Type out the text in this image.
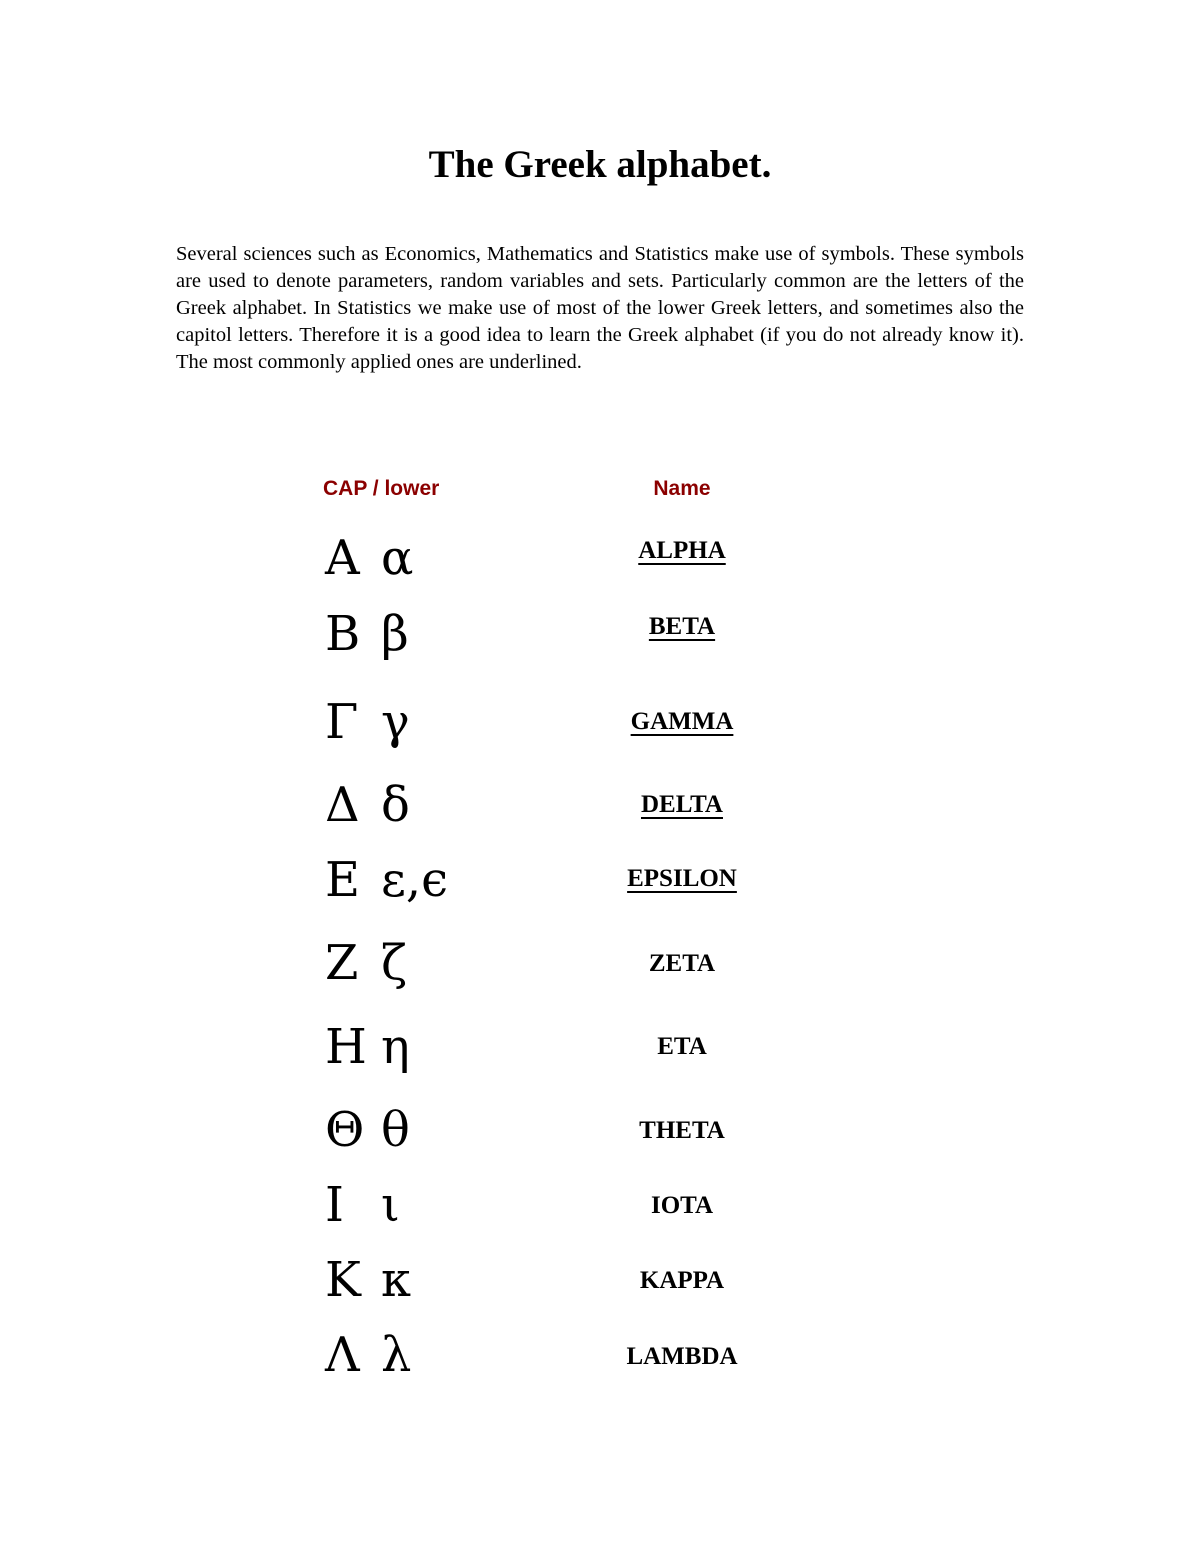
The Greek alphabet.

Several sciences such as Economics, Mathematics and Statistics make use of symbols. These symbols are used to denote parameters, random variables and sets. Particularly common are the letters of the Greek alphabet. In Statistics we make use of most of the lower Greek letters, and sometimes also the capitol letters. Therefore it is a good idea to learn the Greek alphabet (if you do not already know it). The most commonly applied ones are underlined.

CAP / lower	Name
Α α	ALPHA
Β β	BETA
Γ γ	GAMMA
Δ δ	DELTA
Ε ε,ϵ	EPSILON
Ζ ζ	ZETA
Η η	ETA
Θ θ	THETA
Ι ι	IOTA
Κ κ	KAPPA
Λ λ	LAMBDA
